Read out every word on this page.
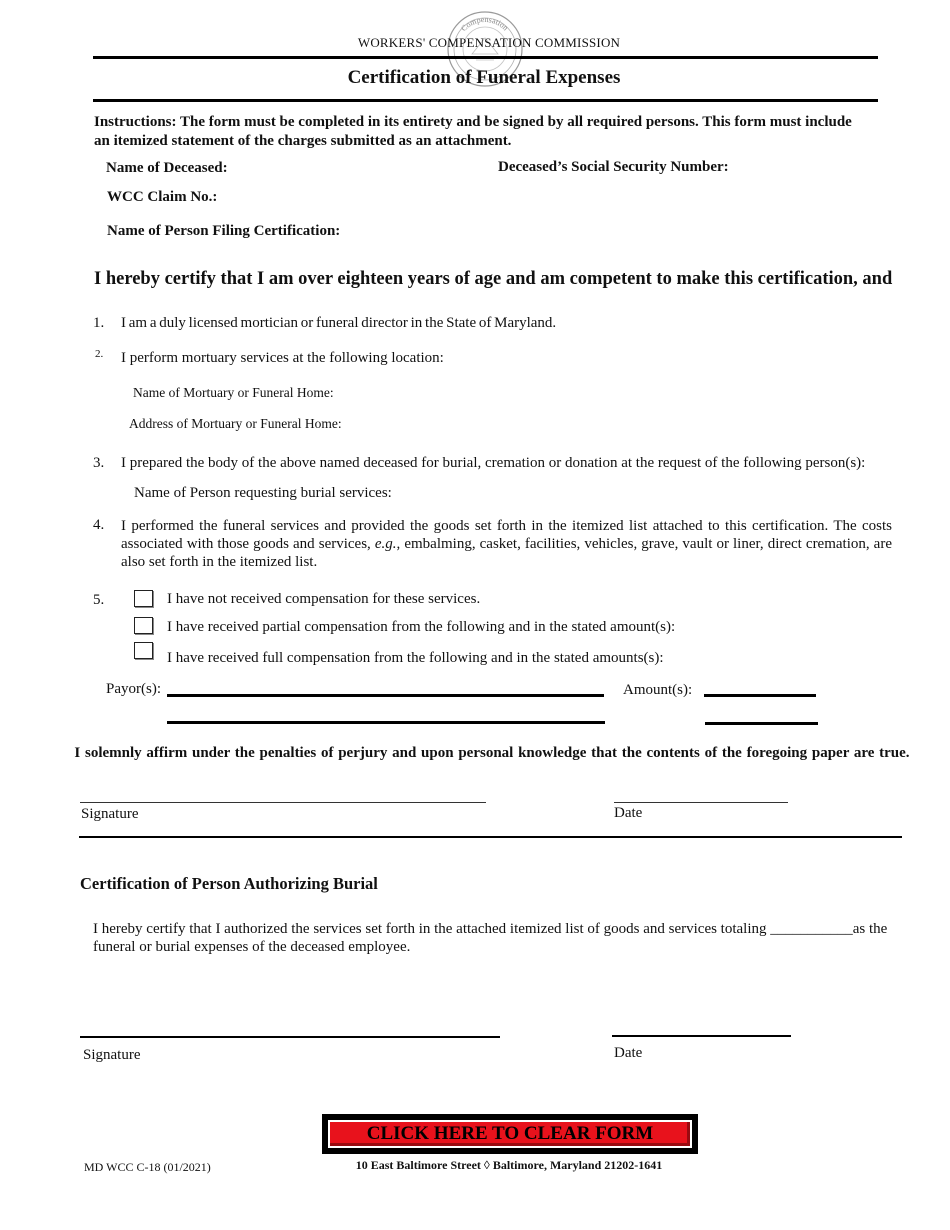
Compensation
WORKERS' COMPENSATION COMMISSION
Certification of Funeral Expenses
Instructions: The form must be completed in its entirety and be signed by all required persons. This form must include an itemized statement of the charges submitted as an attachment.
Name of Deceased:	Deceased’s Social Security Number:
WCC Claim No.:
Name of Person Filing Certification:
I hereby certify that I am over eighteen years of age and am competent to make this certification, and
1. I am a duly licensed mortician or funeral director in the State of Maryland.
2. I perform mortuary services at the following location:
Name of Mortuary or Funeral Home:
Address of Mortuary or Funeral Home:
3. I prepared the body of the above named deceased for burial, cremation or donation at the request of the following person(s):
Name of Person requesting burial services:
4. I performed the funeral services and provided the goods set forth in the itemized list attached to this certification. The costs associated with those goods and services, e.g., embalming, casket, facilities, vehicles, grave, vault or liner, direct cremation, are also set forth in the itemized list.
5.	I have not received compensation for these services.
I have received partial compensation from the following and in the stated amount(s):
I have received full compensation from the following and in the stated amounts(s):
Payor(s):	Amount(s):
I solemnly affirm under the penalties of perjury and upon personal knowledge that the contents of the foregoing paper are true.
Signature	Date
Certification of Person Authorizing Burial
I hereby certify that I authorized the services set forth in the attached itemized list of goods and services totaling ___________as the funeral or burial expenses of the deceased employee.
Signature	Date
CLICK HERE TO CLEAR FORM
MD WCC C-18 (01/2021)	10 East Baltimore Street ◊ Baltimore, Maryland 21202-1641
